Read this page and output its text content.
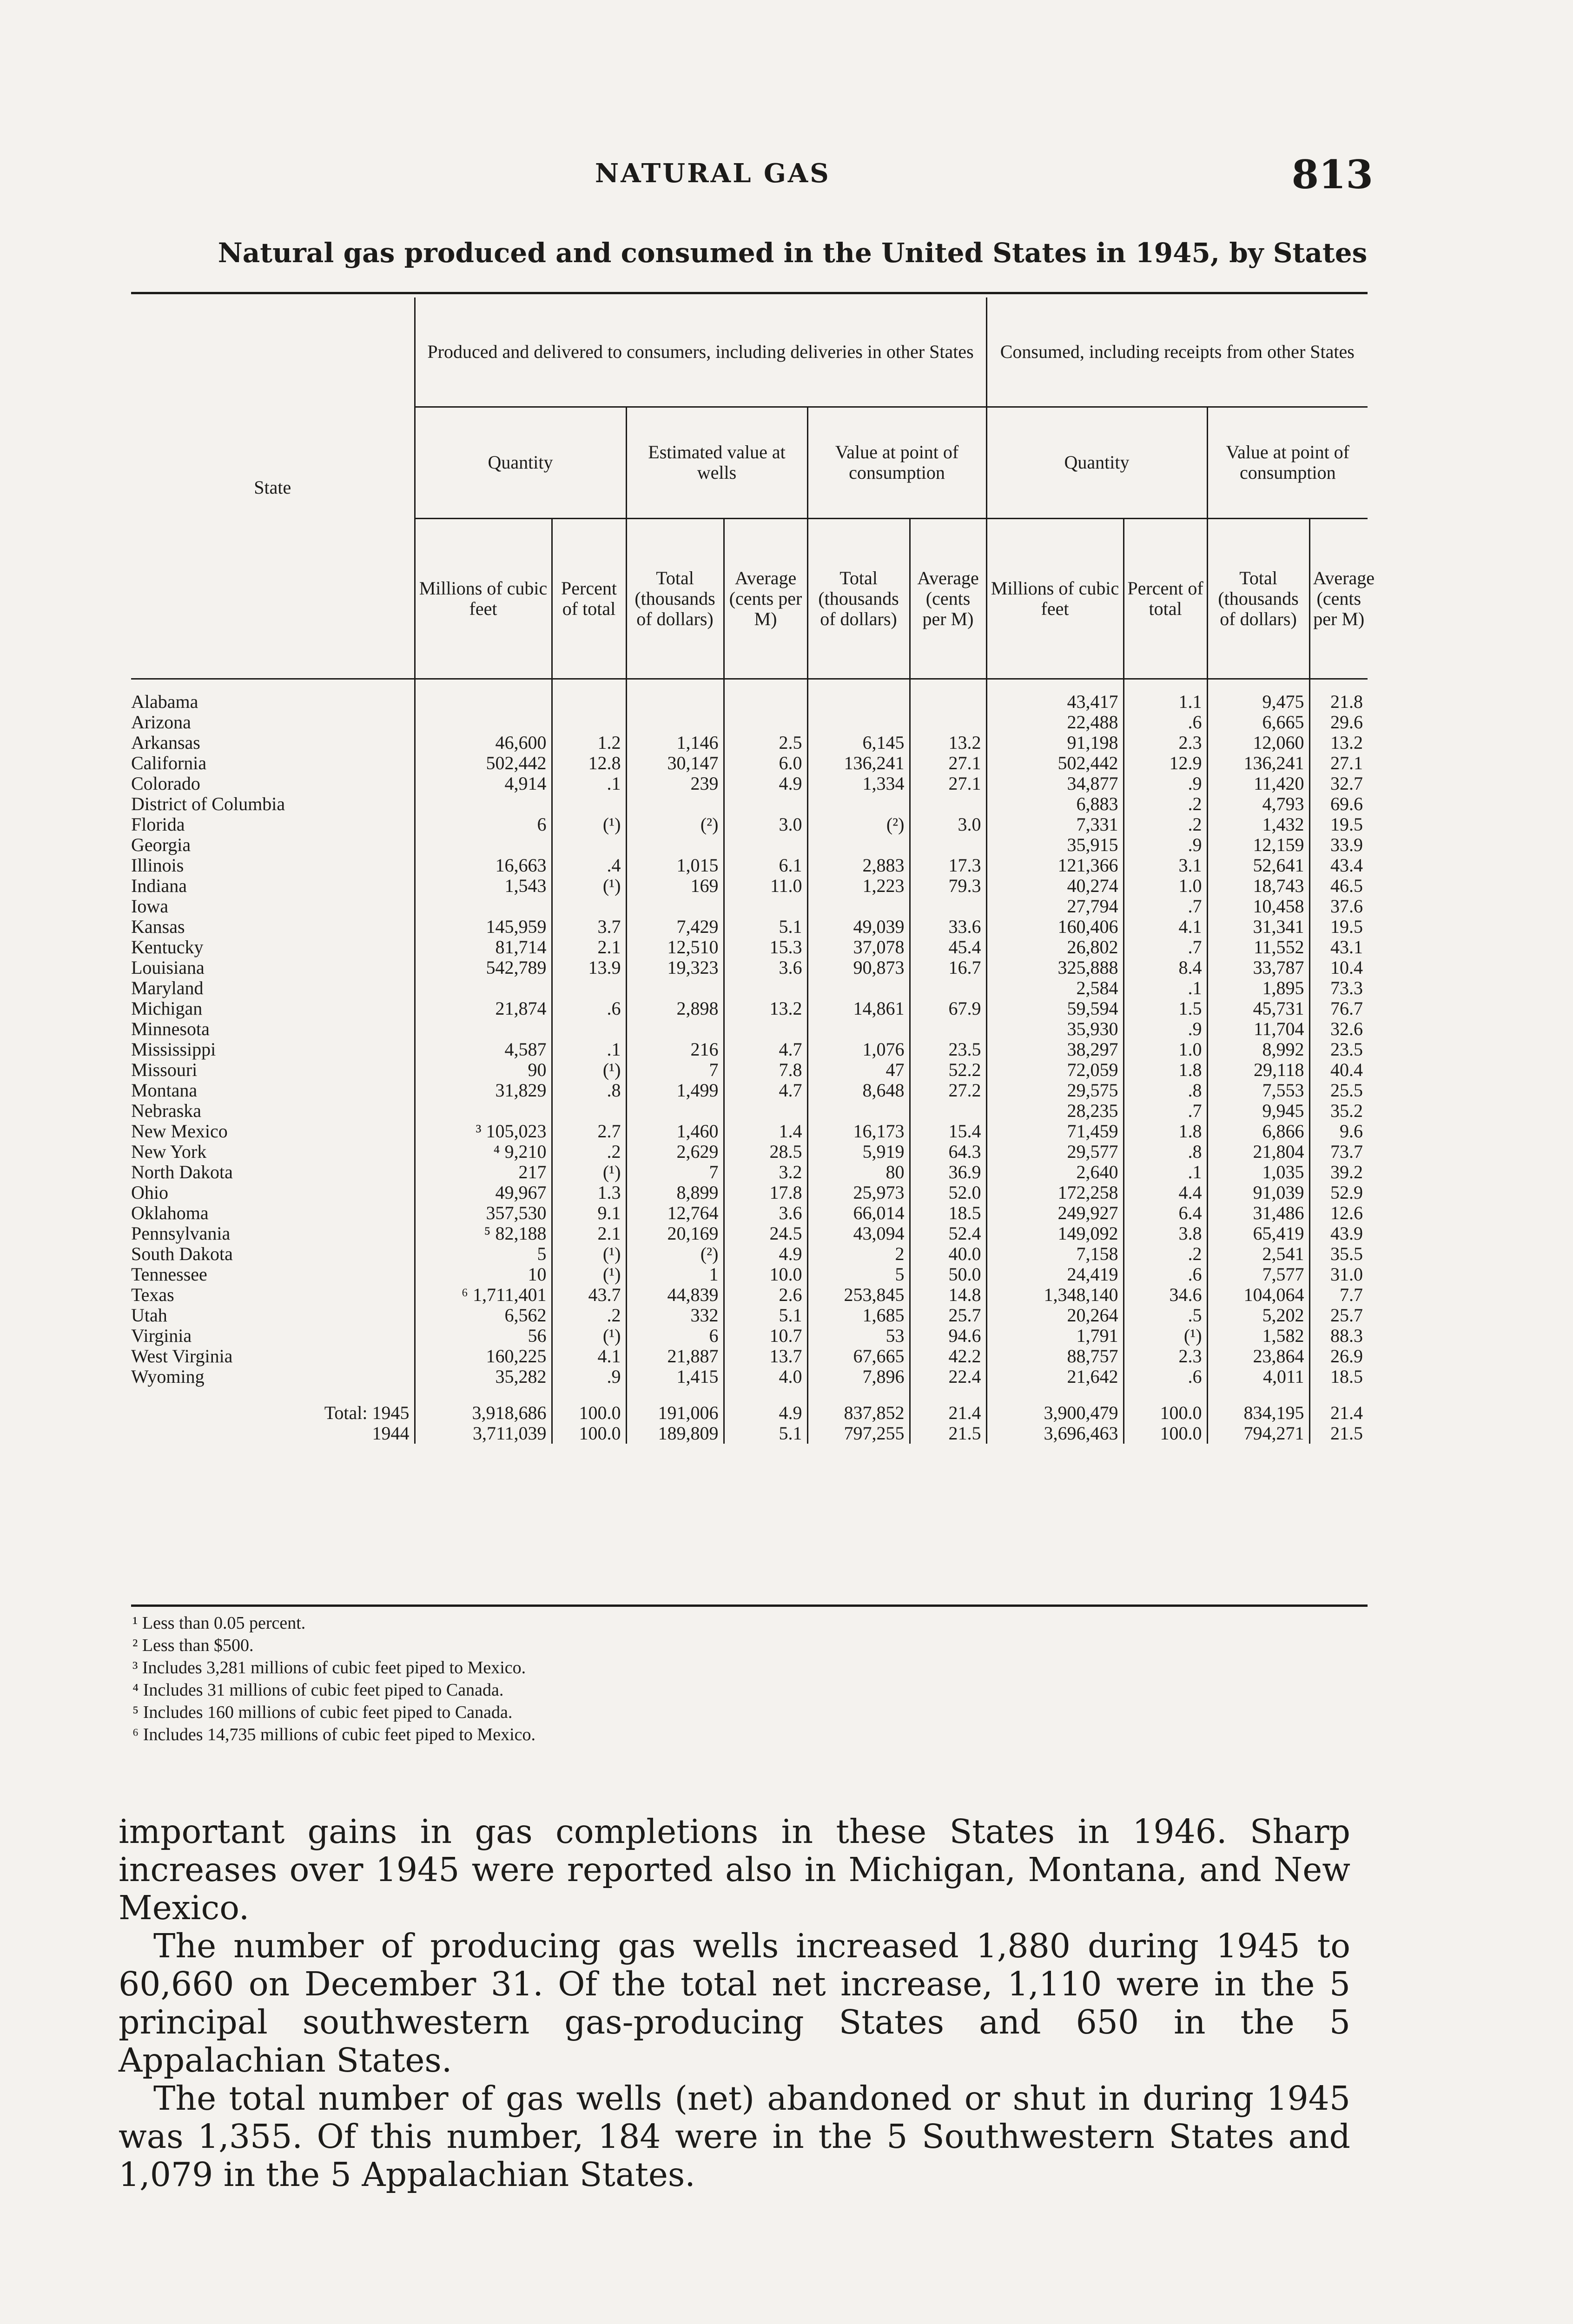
NATURAL GAS	813
Natural gas produced and consumed in the United States in 1945, by States
State	Produced and delivered to consumers, including deliveries in other States						Consumed, including receipts from other States			
	Quantity		Estimated value at wells		Value at point of consumption		Quantity		Value at point of consumption	
	Millions of cubic feet	Percent of total	Total (thousands of dollars)	Average (cents per M)	Total (thousands of dollars)	Average (cents per M)	Millions of cubic feet	Percent of total	Total (thousands of dollars)	Average (cents per M)
Alabama							43,417	1.1	9,475	21.8
Arizona							22,488	.6	6,665	29.6
Arkansas	46,600	1.2	1,146	2.5	6,145	13.2	91,198	2.3	12,060	13.2
California	502,442	12.8	30,147	6.0	136,241	27.1	502,442	12.9	136,241	27.1
Colorado	4,914	.1	239	4.9	1,334	27.1	34,877	.9	11,420	32.7
District of Columbia							6,883	.2	4,793	69.6
Florida	6	(¹)	(²)	3.0	(²)	3.0	7,331	.2	1,432	19.5
Georgia							35,915	.9	12,159	33.9
Illinois	16,663	.4	1,015	6.1	2,883	17.3	121,366	3.1	52,641	43.4
Indiana	1,543	(¹)	169	11.0	1,223	79.3	40,274	1.0	18,743	46.5
Iowa							27,794	.7	10,458	37.6
Kansas	145,959	3.7	7,429	5.1	49,039	33.6	160,406	4.1	31,341	19.5
Kentucky	81,714	2.1	12,510	15.3	37,078	45.4	26,802	.7	11,552	43.1
Louisiana	542,789	13.9	19,323	3.6	90,873	16.7	325,888	8.4	33,787	10.4
Maryland							2,584	.1	1,895	73.3
Michigan	21,874	.6	2,898	13.2	14,861	67.9	59,594	1.5	45,731	76.7
Minnesota							35,930	.9	11,704	32.6
Mississippi	4,587	.1	216	4.7	1,076	23.5	38,297	1.0	8,992	23.5
Missouri	90	(¹)	7	7.8	47	52.2	72,059	1.8	29,118	40.4
Montana	31,829	.8	1,499	4.7	8,648	27.2	29,575	.8	7,553	25.5
Nebraska							28,235	.7	9,945	35.2
New Mexico	³ 105,023	2.7	1,460	1.4	16,173	15.4	71,459	1.8	6,866	9.6
New York	⁴ 9,210	.2	2,629	28.5	5,919	64.3	29,577	.8	21,804	73.7
North Dakota	217	(¹)	7	3.2	80	36.9	2,640	.1	1,035	39.2
Ohio	49,967	1.3	8,899	17.8	25,973	52.0	172,258	4.4	91,039	52.9
Oklahoma	357,530	9.1	12,764	3.6	66,014	18.5	249,927	6.4	31,486	12.6
Pennsylvania	⁵ 82,188	2.1	20,169	24.5	43,094	52.4	149,092	3.8	65,419	43.9
South Dakota	5	(¹)	(²)	4.9	2	40.0	7,158	.2	2,541	35.5
Tennessee	10	(¹)	1	10.0	5	50.0	24,419	.6	7,577	31.0
Texas	⁶ 1,711,401	43.7	44,839	2.6	253,845	14.8	1,348,140	34.6	104,064	7.7
Utah	6,562	.2	332	5.1	1,685	25.7	20,264	.5	5,202	25.7
Virginia	56	(¹)	6	10.7	53	94.6	1,791	(¹)	1,582	88.3
West Virginia	160,225	4.1	21,887	13.7	67,665	42.2	88,757	2.3	23,864	26.9
Wyoming	35,282	.9	1,415	4.0	7,896	22.4	21,642	.6	4,011	18.5
Total: 1945	3,918,686	100.0	191,006	4.9	837,852	21.4	3,900,479	100.0	834,195	21.4
1944	3,711,039	100.0	189,809	5.1	797,255	21.5	3,696,463	100.0	794,271	21.5
¹ Less than 0.05 percent.
² Less than $500.
³ Includes 3,281 millions of cubic feet piped to Mexico.
⁴ Includes 31 millions of cubic feet piped to Canada.
⁵ Includes 160 millions of cubic feet piped to Canada.
⁶ Includes 14,735 millions of cubic feet piped to Mexico.

important gains in gas completions in these States in 1946. Sharp increases over 1945 were reported also in Michigan, Montana, and New Mexico.

The number of producing gas wells increased 1,880 during 1945 to 60,660 on December 31. Of the total net increase, 1,110 were in the 5 principal southwestern gas-producing States and 650 in the 5 Appalachian States.

The total number of gas wells (net) abandoned or shut in during 1945 was 1,355. Of this number, 184 were in the 5 Southwestern States and 1,079 in the 5 Appalachian States.
